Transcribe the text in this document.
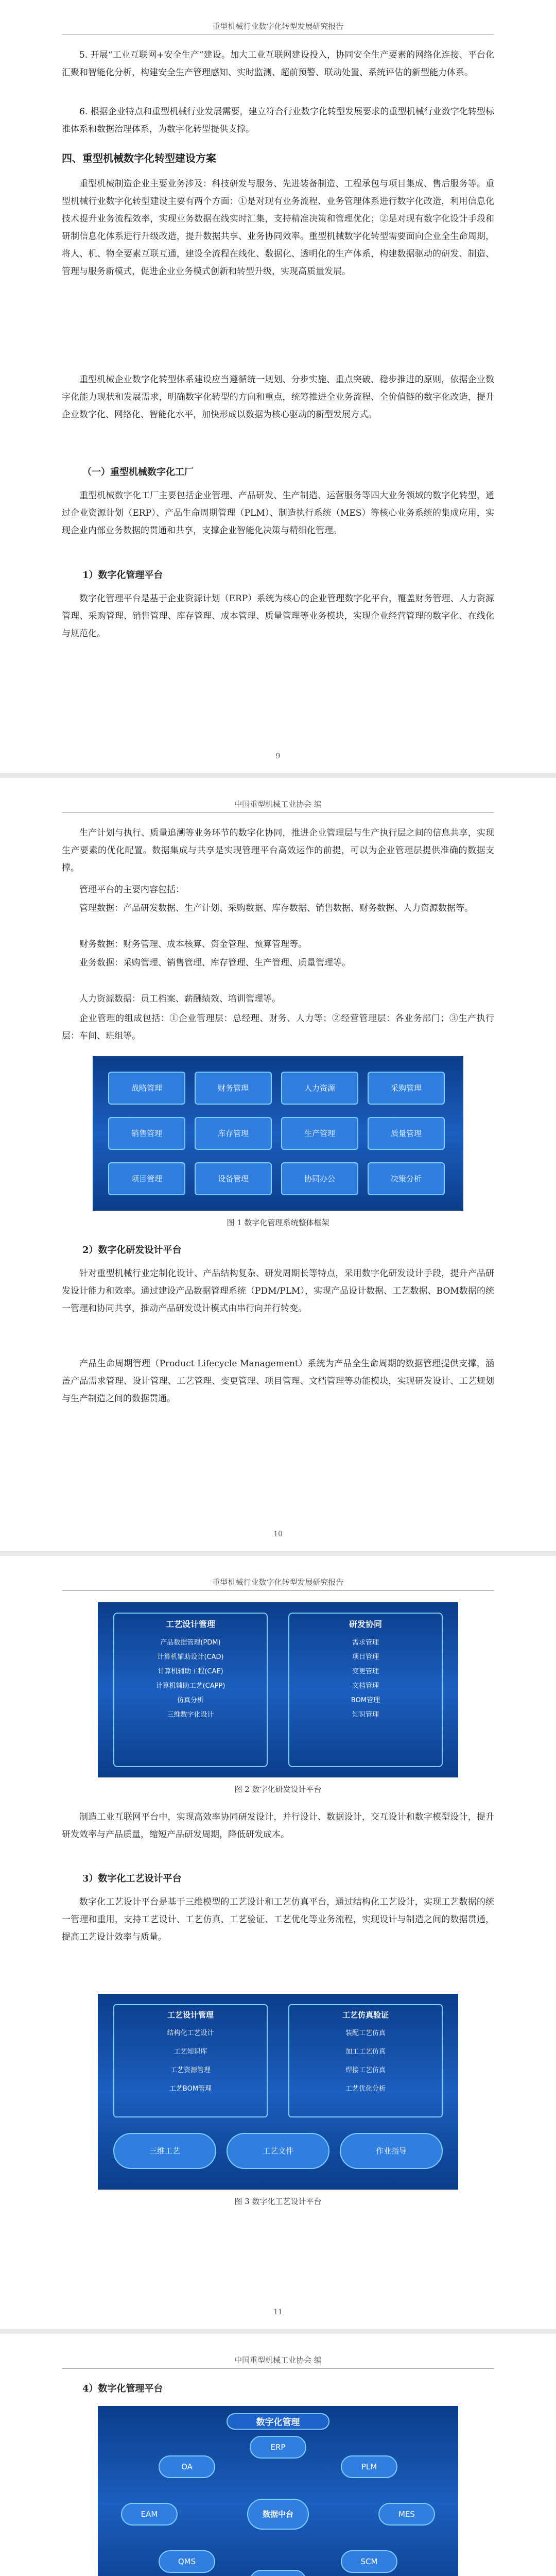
重型机械行业数字化转型发展研究报告

5. 开展“工业互联网+安全生产”建设。加大工业互联网建设投入，协同安全生产要素的网络化连接、平台化汇聚和智能化分析，构建安全生产管理感知、实时监测、超前预警、联动处置、系统评估的新型能力体系。

6. 根据企业特点和重型机械行业发展需要，建立符合行业数字化转型发展要求的重型机械行业数字化转型标准体系和数据治理体系，为数字化转型提供支撑。

四、重型机械数字化转型建设方案

重型机械制造企业主要业务涉及：科技研发与服务、先进装备制造、工程承包与项目集成、售后服务等。重型机械行业数字化转型建设主要有两个方面：①是对现有业务流程、业务管理体系进行数字化改造，利用信息化技术提升业务流程效率，实现业务数据在线实时汇集，支持精准决策和管理优化；②是对现有数字化设计手段和研制信息化体系进行升级改造，提升数据共享、业务协同效率。重型机械数字化转型需要面向企业全生命周期，将人、机、物全要素互联互通，建设全流程在线化、数据化、透明化的生产体系，构建数据驱动的研发、制造、管理与服务新模式，促进企业业务模式创新和转型升级，实现高质量发展。

重型机械企业数字化转型体系建设应当遵循统一规划、分步实施、重点突破、稳步推进的原则，依据企业数字化能力现状和发展需求，明确数字化转型的方向和重点，统筹推进全业务流程、全价值链的数字化改造，提升企业数字化、网络化、智能化水平，加快形成以数据为核心驱动的新型发展方式。

（一）重型机械数字化工厂

重型机械数字化工厂主要包括企业管理、产品研发、生产制造、运营服务等四大业务领域的数字化转型，通过企业资源计划（ERP）、产品生命周期管理（PLM）、制造执行系统（MES）等核心业务系统的集成应用，实现企业内部业务数据的贯通和共享，支撑企业智能化决策与精细化管理。

1）数字化管理平台

数字化管理平台是基于企业资源计划（ERP）系统为核心的企业管理数字化平台，覆盖财务管理、人力资源管理、采购管理、销售管理、库存管理、成本管理、质量管理等业务模块，实现企业经营管理的数字化、在线化与规范化。

9
中国重型机械工业协会 编

生产计划与执行、质量追溯等业务环节的数字化协同，推进企业管理层与生产执行层之间的信息共享，实现生产要素的优化配置。数据集成与共享是实现管理平台高效运作的前提，可以为企业管理层提供准确的数据支撑。

管理平台的主要内容包括：

管理数据：产品研发数据、生产计划、采购数据、库存数据、销售数据、财务数据、人力资源数据等。

财务数据：财务管理、成本核算、资金管理、预算管理等。

业务数据：采购管理、销售管理、库存管理、生产管理、质量管理等。

人力资源数据：员工档案、薪酬绩效、培训管理等。

企业管理的组成包括：①企业管理层：总经理、财务、人力等；②经营管理层：各业务部门；③生产执行层：车间、班组等。

战略管理	财务管理	人力资源	采购管理
销售管理	库存管理	生产管理	质量管理
项目管理	设备管理	协同办公	决策分析
图 1 数字化管理系统整体框架
2）数字化研发设计平台

针对重型机械行业定制化设计、产品结构复杂、研发周期长等特点，采用数字化研发设计手段，提升产品研发设计能力和效率。通过建设产品数据管理系统（PDM/PLM），实现产品设计数据、工艺数据、BOM数据的统一管理和协同共享，推动产品研发设计模式由串行向并行转变。

产品生命周期管理（Product Lifecycle Management）系统为产品全生命周期的数据管理提供支撑，涵盖产品需求管理、设计管理、工艺管理、变更管理、项目管理、文档管理等功能模块，实现研发设计、工艺规划与生产制造之间的数据贯通。

10
重型机械行业数字化转型发展研究报告
工艺设计管理
产品数据管理(PDM)
计算机辅助设计(CAD)
计算机辅助工程(CAE)
计算机辅助工艺(CAPP)
仿真分析
三维数字化设计
研发协同
需求管理
项目管理
变更管理
文档管理
BOM管理
知识管理
图 2 数字化研发设计平台

制造工业互联网平台中，实现高效率协同研发设计，并行设计、数据设计，交互设计和数字模型设计，提升研发效率与产品质量，缩短产品研发周期，降低研发成本。

3）数字化工艺设计平台

数字化工艺设计平台是基于三维模型的工艺设计和工艺仿真平台，通过结构化工艺设计，实现工艺数据的统一管理和重用，支持工艺设计、工艺仿真、工艺验证、工艺优化等业务流程，实现设计与制造之间的数据贯通，提高工艺设计效率与质量。

工艺设计管理
结构化工艺设计
工艺知识库
工艺资源管理
工艺BOM管理
工艺仿真验证
装配工艺仿真
加工工艺仿真
焊接工艺仿真
工艺优化分析
三维工艺	工艺文件	作业指导
图 3 数字化工艺设计平台
11
中国重型机械工业协会 编
4）数字化管理平台
数字化管理
数据中台
ERP
PLM
MES
SCM
QMS
EAM
OA
